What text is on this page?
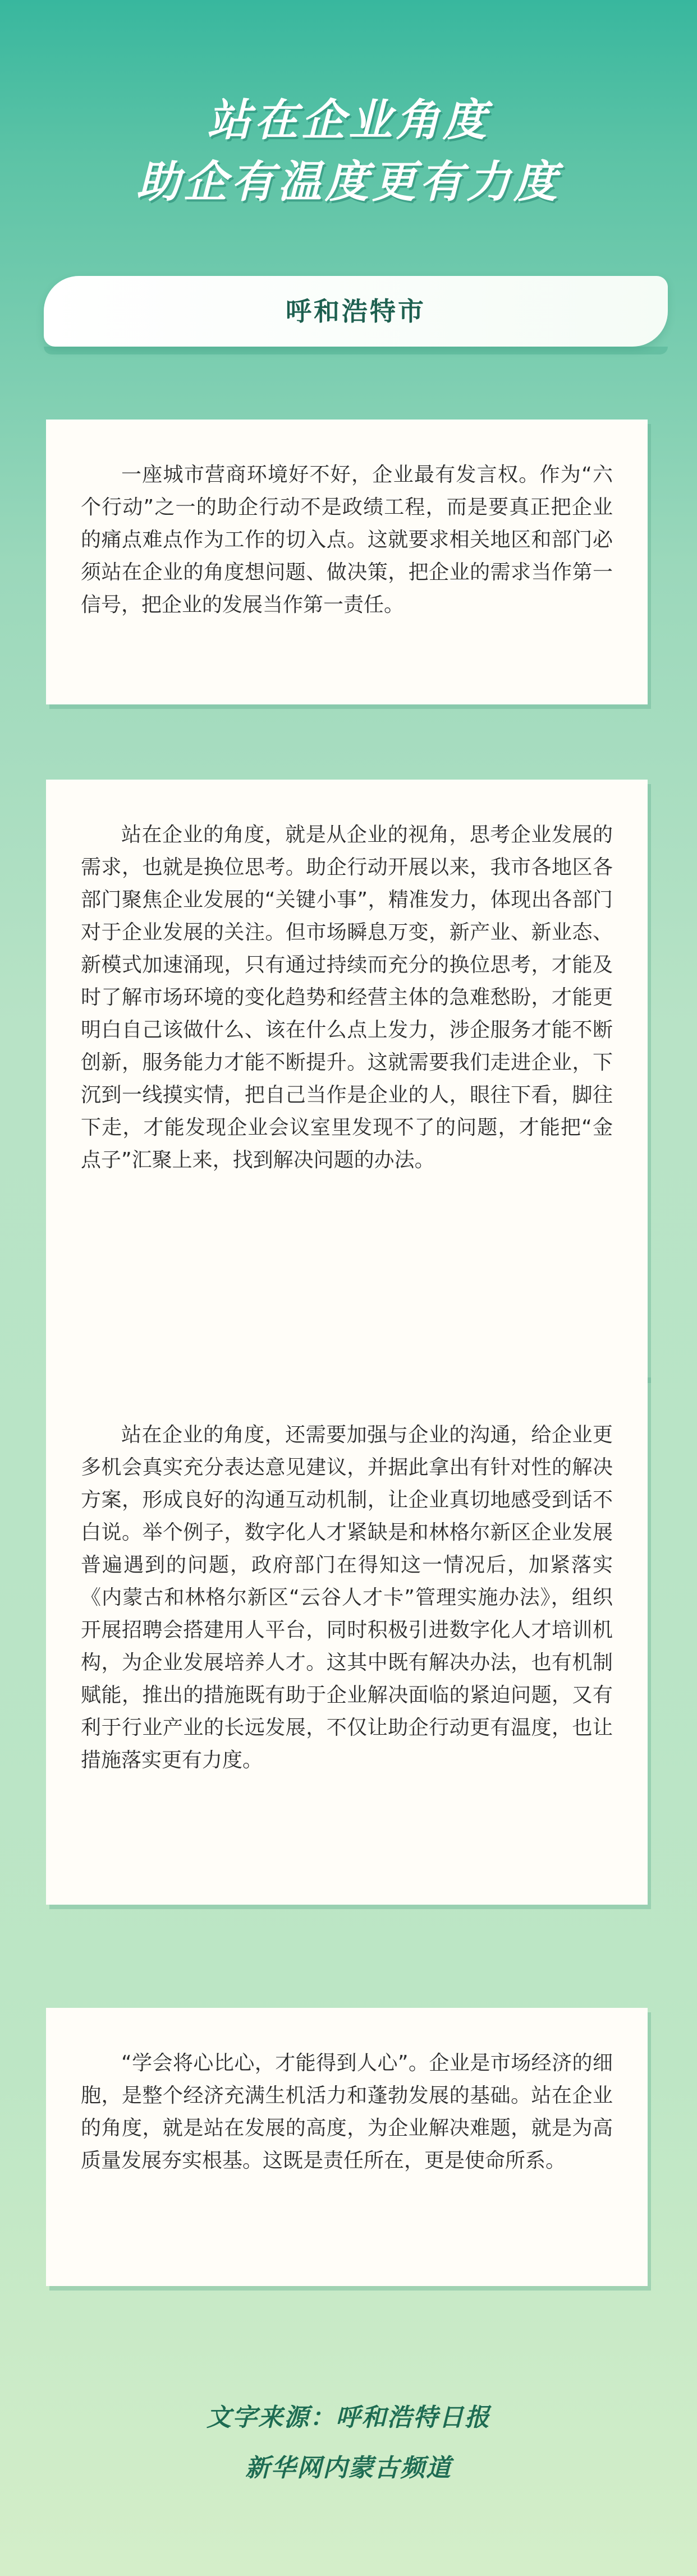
站在企业角度
助企有温度更有力度
呼和浩特市

一座城市营商环境好不好，企业最有发言权。作为“六个行动”之一的助企行动不是政绩工程，而是要真正把企业的痛点难点作为工作的切入点。这就要求相关地区和部门必须站在企业的角度想问题、做决策，把企业的需求当作第一信号，把企业的发展当作第一责任。

站在企业的角度，就是从企业的视角，思考企业发展的需求，也就是换位思考。助企行动开展以来，我市各地区各部门聚焦企业发展的“关键小事”，精准发力，体现出各部门对于企业发展的关注。但市场瞬息万变，新产业、新业态、新模式加速涌现，只有通过持续而充分的换位思考，才能及时了解市场环境的变化趋势和经营主体的急难愁盼，才能更明白自己该做什么、该在什么点上发力，涉企服务才能不断创新，服务能力才能不断提升。这就需要我们走进企业，下沉到一线摸实情，把自己当作是企业的人，眼往下看，脚往下走，才能发现企业会议室里发现不了的问题，才能把“金点子”汇聚上来，找到解决问题的办法。

站在企业的角度，还需要加强与企业的沟通，给企业更多机会真实充分表达意见建议，并据此拿出有针对性的解决方案，形成良好的沟通互动机制，让企业真切地感受到话不白说。举个例子，数字化人才紧缺是和林格尔新区企业发展普遍遇到的问题，政府部门在得知这一情况后，加紧落实《内蒙古和林格尔新区“云谷人才卡”管理实施办法》，组织开展招聘会搭建用人平台，同时积极引进数字化人才培训机构，为企业发展培养人才。这其中既有解决办法，也有机制赋能，推出的措施既有助于企业解决面临的紧迫问题，又有利于行业产业的长远发展，不仅让助企行动更有温度，也让措施落实更有力度。

“学会将心比心，才能得到人心”。企业是市场经济的细胞，是整个经济充满生机活力和蓬勃发展的基础。站在企业的角度，就是站在发展的高度，为企业解决难题，就是为高质量发展夯实根基。这既是责任所在，更是使命所系。

文字来源：呼和浩特日报
新华网内蒙古频道
